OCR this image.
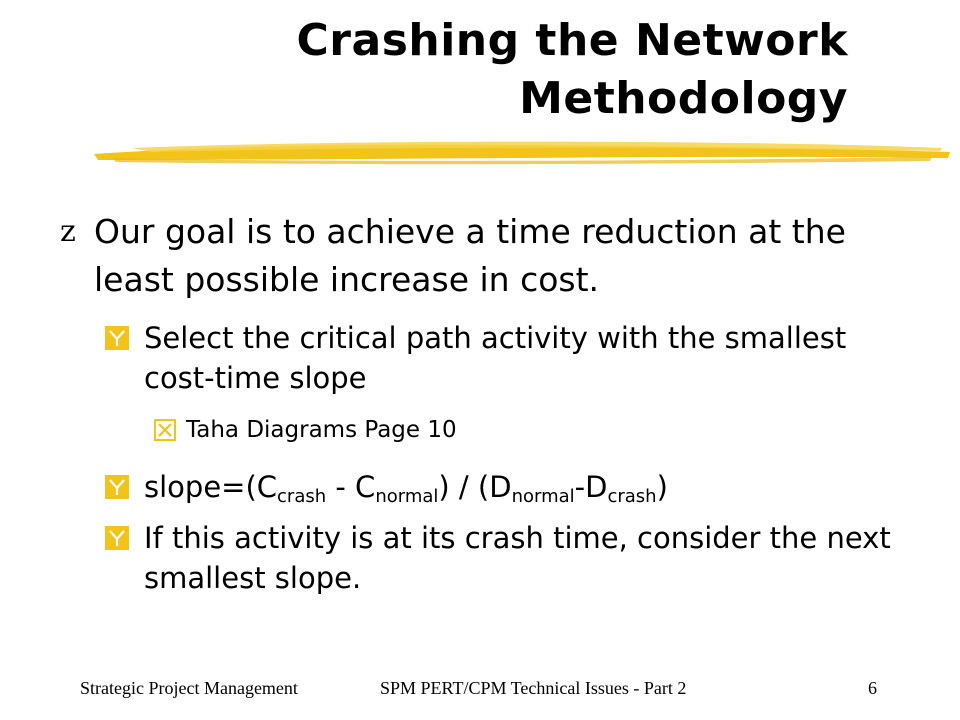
Crashing the Network
Methodology
z Our goal is to achieve a time reduction at the least possible increase in cost.
Select the critical path activity with the smallest cost-time slope
Taha Diagrams Page 10
$slope=(C_{crash} - C_{normal}) / (D_{normal}-D_{crash})$
If this activity is at its crash time, consider the next smallest slope.
Strategic Project Management	SPM PERT/CPM Technical Issues - Part 2	6
